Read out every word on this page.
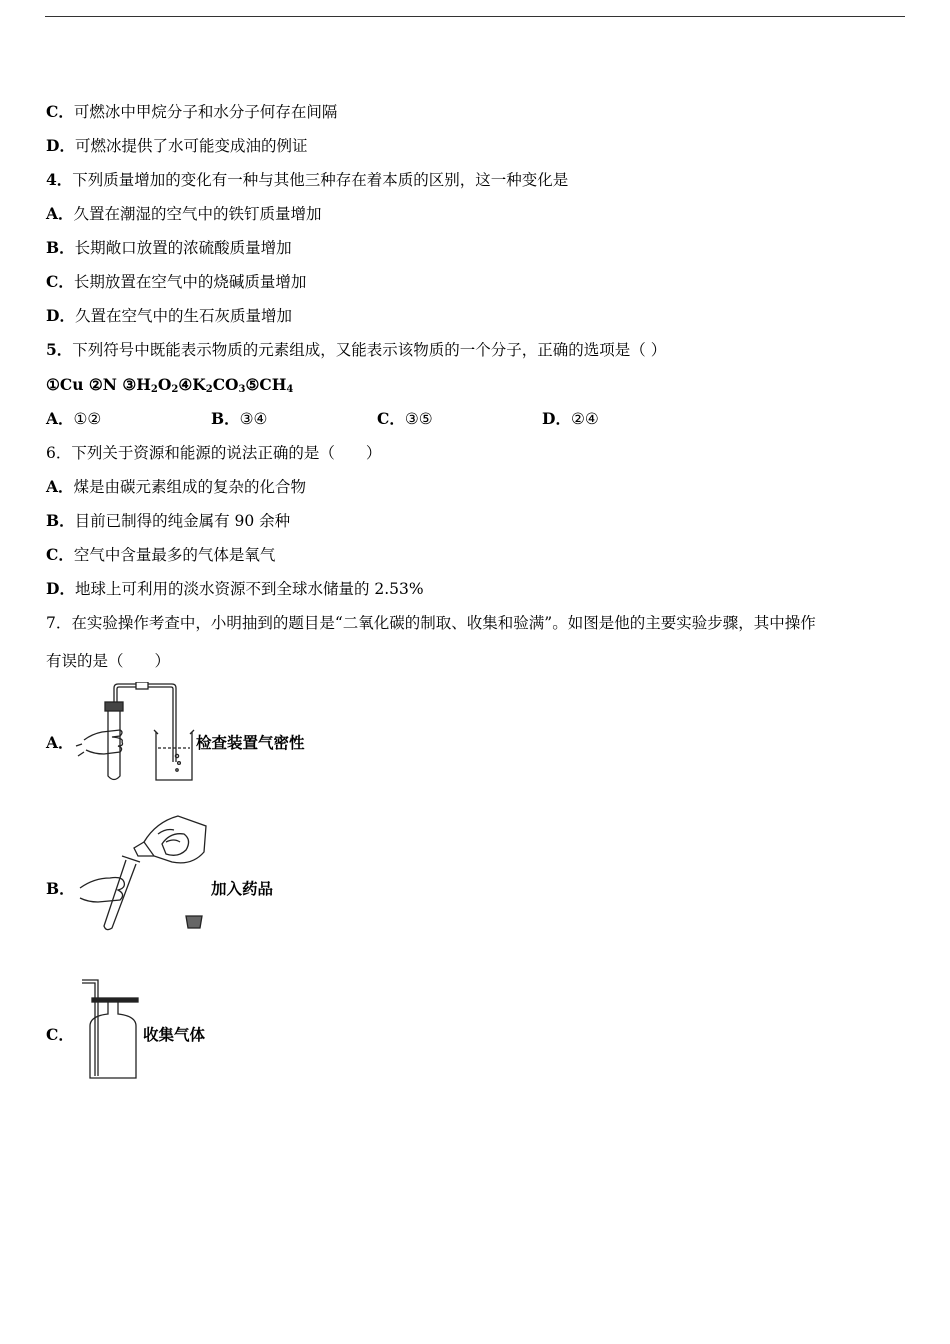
C．可燃冰中甲烷分子和水分子何存在间隔
D．可燃冰提供了水可能变成油的例证
4．下列质量增加的变化有一种与其他三种存在着本质的区别，这一种变化是
A．久置在潮湿的空气中的铁钉质量增加
B．长期敞口放置的浓硫酸质量增加
C．长期放置在空气中的烧碱质量增加
D．久置在空气中的生石灰质量增加
5．下列符号中既能表示物质的元素组成，又能表示该物质的一个分子，正确的选项是（ ）
①Cu ②N $③H_2O_2④K_2CO_3⑤CH_4$
A．①②	B．③④	C．③⑤	D．②④
6．下列关于资源和能源的说法正确的是（　　）
A．煤是由碳元素组成的复杂的化合物
B．目前已制得的纯金属有 90 余种
C．空气中含量最多的气体是氧气
D．地球上可利用的淡水资源不到全球水储量的 2.53%
7．在实验操作考查中，小明抽到的题目是“二氧化碳的制取、收集和验满”。如图是他的主要实验步骤，其中操作
有误的是（　　）
A．	检查装置气密性
B．	加入药品
C．	收集气体
